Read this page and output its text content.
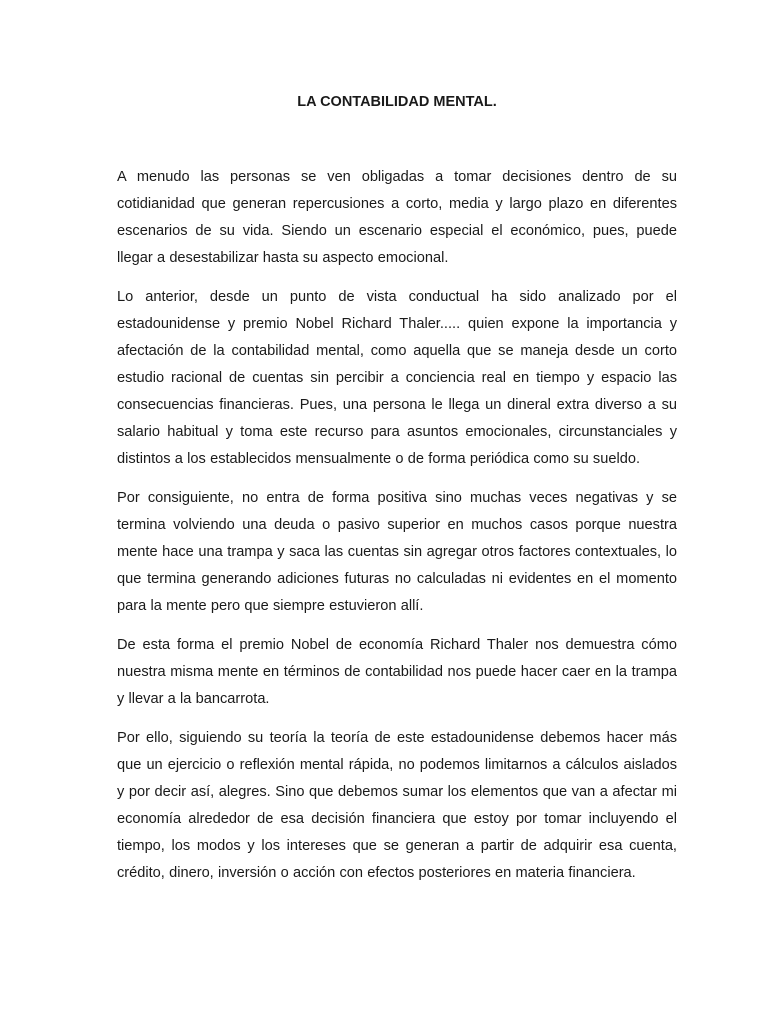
LA CONTABILIDAD MENTAL.

A menudo las personas se ven obligadas a tomar decisiones dentro de su cotidianidad que generan repercusiones a corto, media y largo plazo en diferentes escenarios de su vida. Siendo un escenario especial el económico, pues, puede llegar a desestabilizar hasta su aspecto emocional.

Lo anterior, desde un punto de vista conductual ha sido analizado por el estadounidense y premio Nobel Richard Thaler..... quien expone la importancia y afectación de la contabilidad mental, como aquella que se maneja desde un corto estudio racional de cuentas sin percibir a conciencia real en tiempo y espacio las consecuencias financieras. Pues, una persona le llega un dineral extra diverso a su salario habitual y toma este recurso para asuntos emocionales, circunstanciales y distintos a los establecidos mensualmente o de forma periódica como su sueldo.

Por consiguiente, no entra de forma positiva sino muchas veces negativas y se termina volviendo una deuda o pasivo superior en muchos casos porque nuestra mente hace una trampa y saca las cuentas sin agregar otros factores contextuales, lo que termina generando adiciones futuras no calculadas ni evidentes en el momento para la mente pero que siempre estuvieron allí.

De esta forma el premio Nobel de economía Richard Thaler nos demuestra cómo nuestra misma mente en términos de contabilidad nos puede hacer caer en la trampa y llevar a la bancarrota.

Por ello, siguiendo su teoría la teoría de este estadounidense debemos hacer más que un ejercicio o reflexión mental rápida, no podemos limitarnos a cálculos aislados y por decir así, alegres. Sino que debemos sumar los elementos que van a afectar mi economía alrededor de esa decisión financiera que estoy por tomar incluyendo el tiempo, los modos y los intereses que se generan a partir de adquirir esa cuenta, crédito, dinero, inversión o acción con efectos posteriores en materia financiera.
